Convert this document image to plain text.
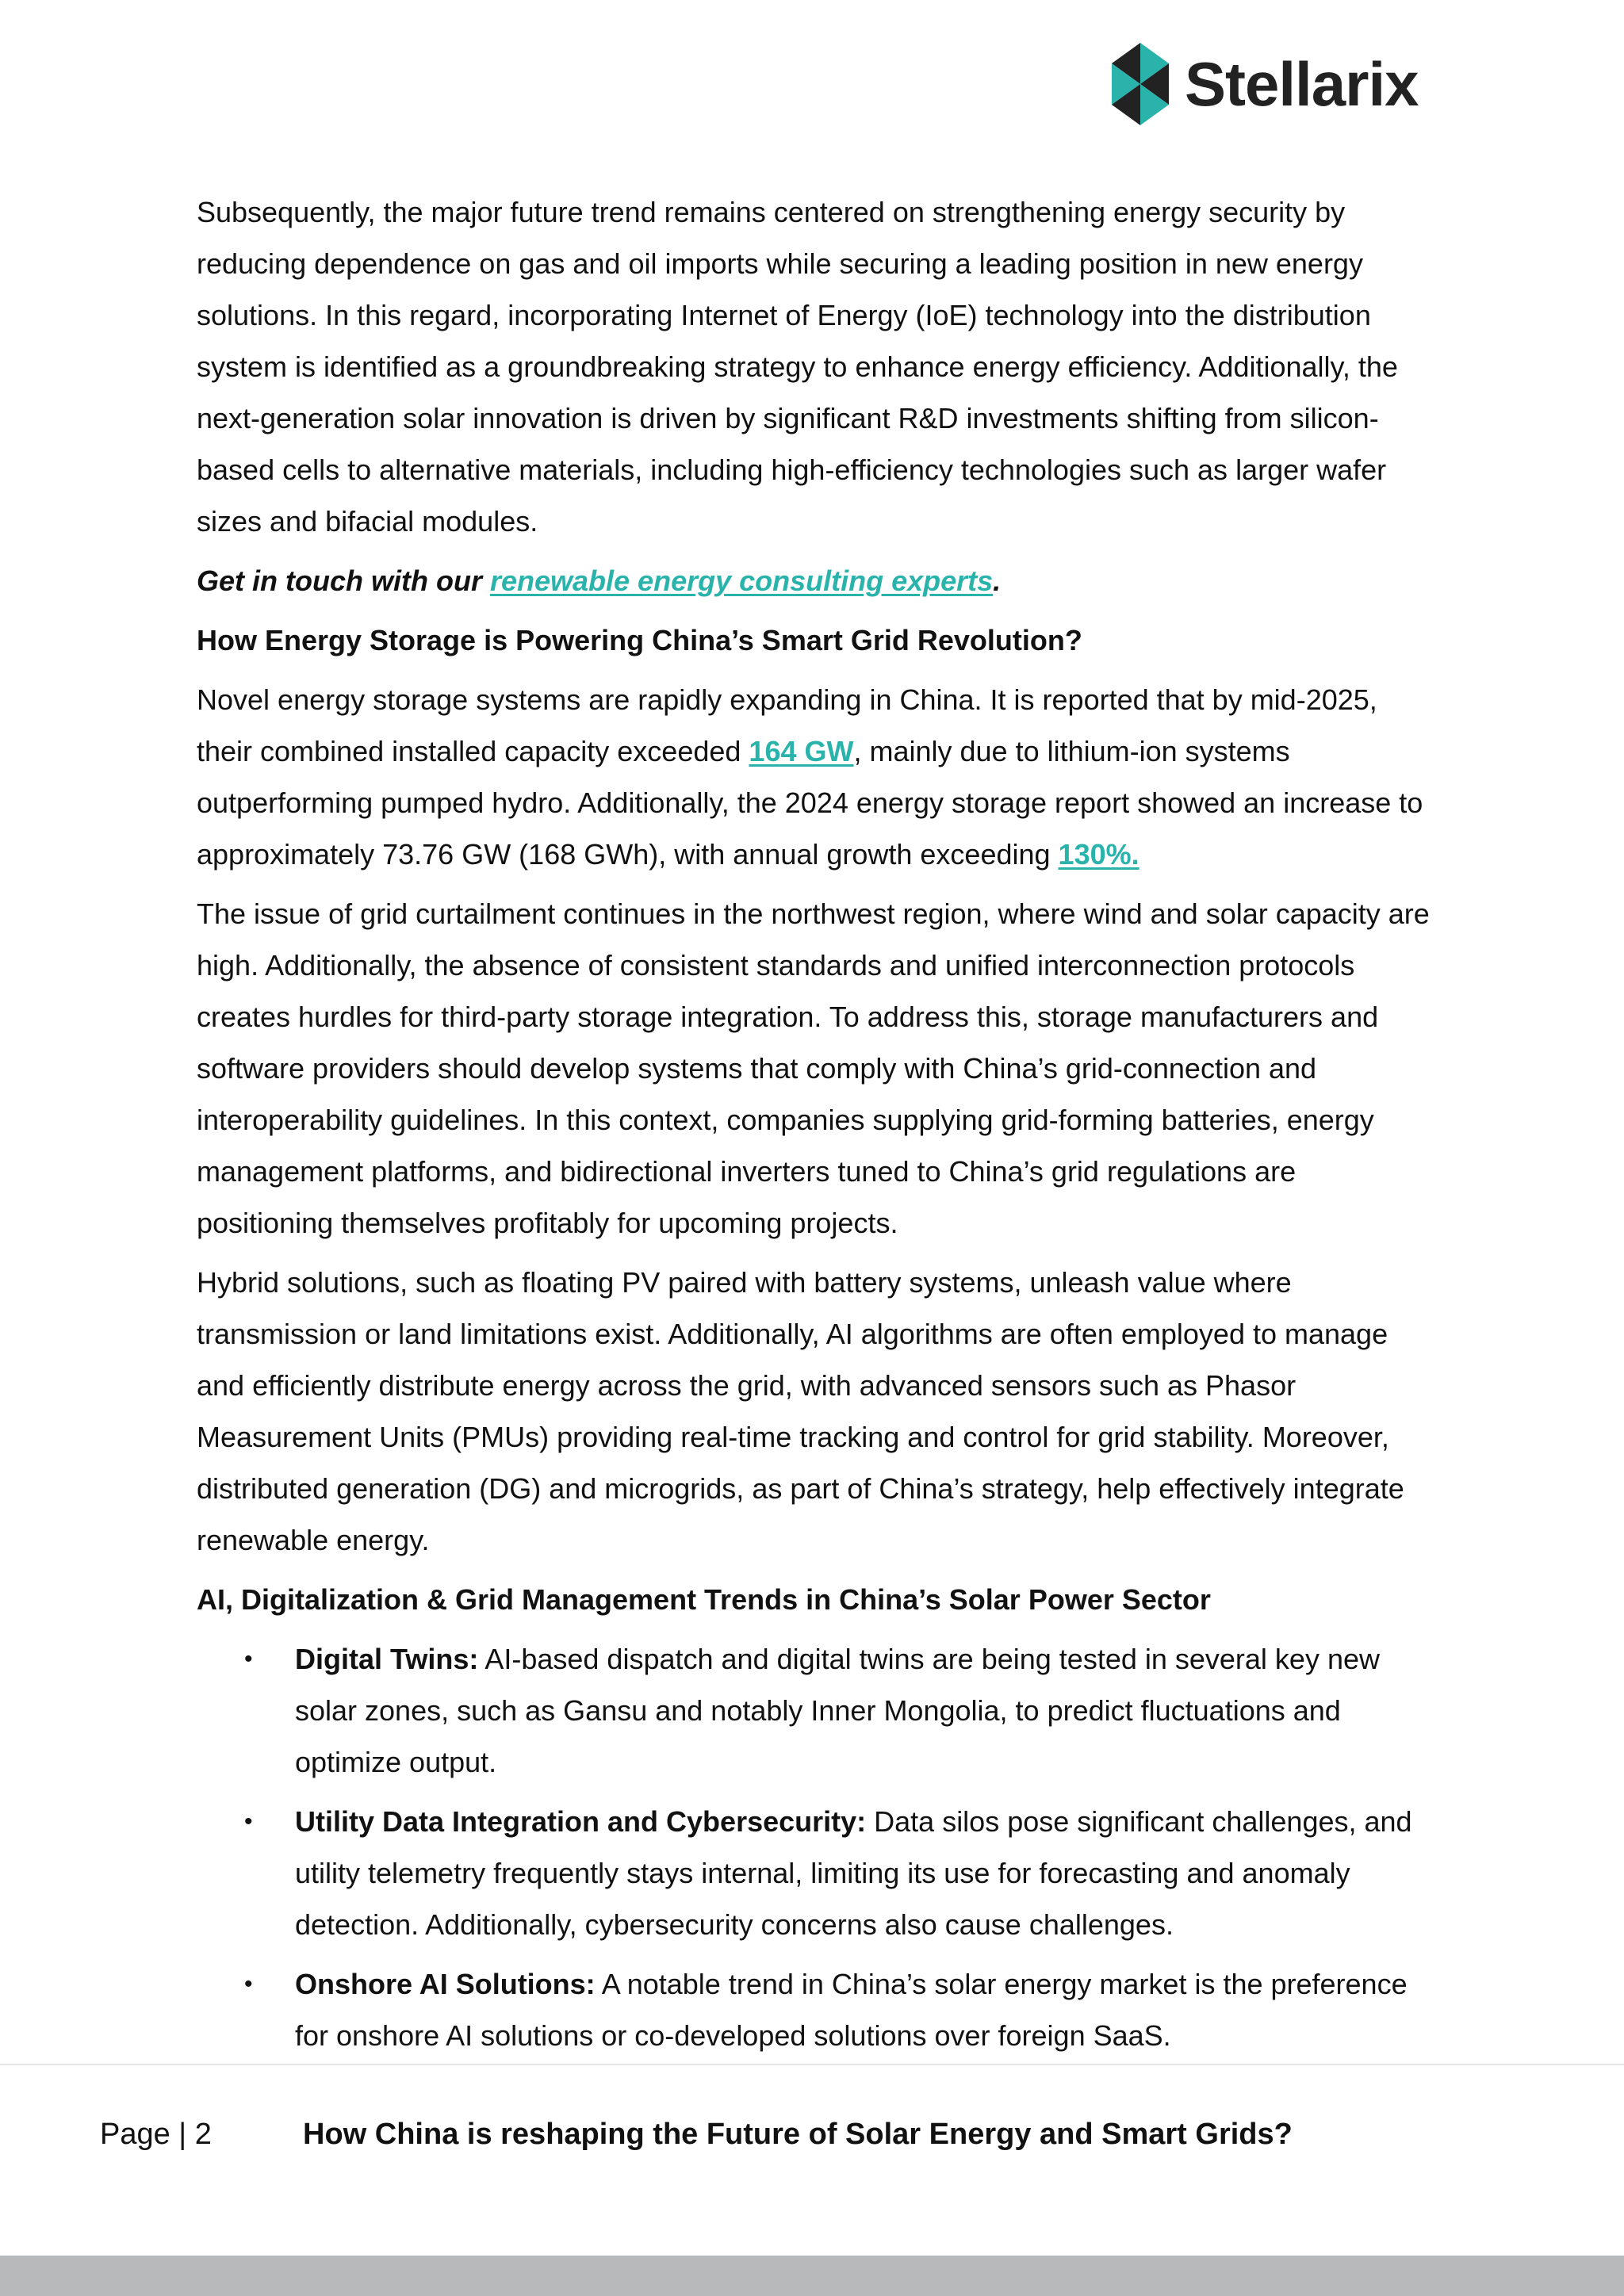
Stellarix

Subsequently, the major future trend remains centered on strengthening energy security by reducing dependence on gas and oil imports while securing a leading position in new energy solutions. In this regard, incorporating Internet of Energy (IoE) technology into the distribution system is identified as a groundbreaking strategy to enhance energy efficiency. Additionally, the next-generation solar innovation is driven by significant R&D investments shifting from silicon-based cells to alternative materials, including high-efficiency technologies such as larger wafer sizes and bifacial modules.

Get in touch with our renewable energy consulting experts.

How Energy Storage is Powering China’s Smart Grid Revolution?

Novel energy storage systems are rapidly expanding in China. It is reported that by mid-2025, their combined installed capacity exceeded 164 GW, mainly due to lithium-ion systems outperforming pumped hydro. Additionally, the 2024 energy storage report showed an increase to approximately 73.76 GW (168 GWh), with annual growth exceeding 130%.

The issue of grid curtailment continues in the northwest region, where wind and solar capacity are high. Additionally, the absence of consistent standards and unified interconnection protocols creates hurdles for third-party storage integration. To address this, storage manufacturers and software providers should develop systems that comply with China’s grid-connection and interoperability guidelines. In this context, companies supplying grid-forming batteries, energy management platforms, and bidirectional inverters tuned to China’s grid regulations are positioning themselves profitably for upcoming projects.

Hybrid solutions, such as floating PV paired with battery systems, unleash value where transmission or land limitations exist. Additionally, AI algorithms are often employed to manage and efficiently distribute energy across the grid, with advanced sensors such as Phasor Measurement Units (PMUs) providing real-time tracking and control for grid stability. Moreover, distributed generation (DG) and microgrids, as part of China’s strategy, help effectively integrate renewable energy.

AI, Digitalization & Grid Management Trends in China’s Solar Power Sector
• Digital Twins: AI-based dispatch and digital twins are being tested in several key new solar zones, such as Gansu and notably Inner Mongolia, to predict fluctuations and optimize output.
• Utility Data Integration and Cybersecurity: Data silos pose significant challenges, and utility telemetry frequently stays internal, limiting its use for forecasting and anomaly detection. Additionally, cybersecurity concerns also cause challenges.
• Onshore AI Solutions: A notable trend in China’s solar energy market is the preference for onshore AI solutions or co-developed solutions over foreign SaaS.
Page | 2	How China is reshaping the Future of Solar Energy and Smart Grids?
